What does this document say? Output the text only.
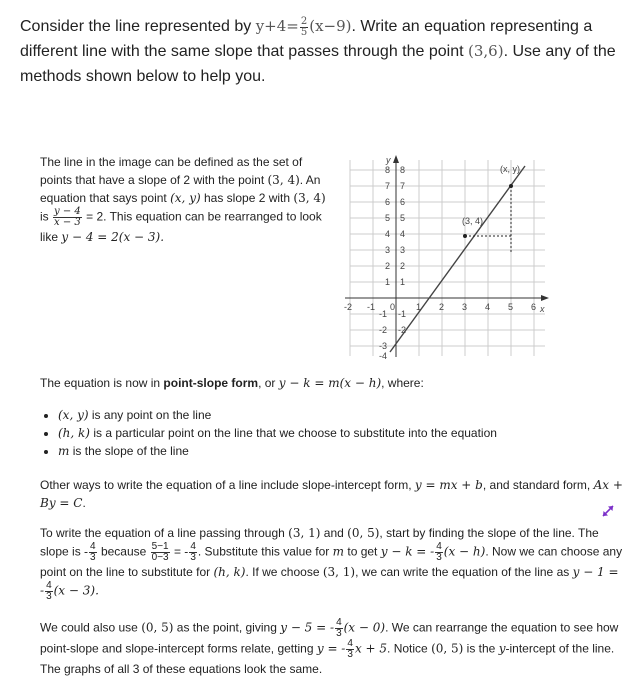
Consider the line represented by $y+4= \frac{2}{5} (x-9)$. Write an equation representing a different line with the same slope that passes through the point (3,6). Use any of the methods shown below to help you.
The line in the image can be defined as the set of points that have a slope of 2 with the point (3, 4). An equation that says point (x, y) has slope 2 with (3, 4) is $\frac{y - 4}{x - 3} = 2$. This equation can be rearranged to look like y − 4 = 2(x − 3).
y
x
(x, y)
(3, 4)
8
7
6
5
4
3
2
1
-1
-2
8
7
6
5
4
3
2
1
-1
-2
-3
-4
-2 -1 0 1 2 3 4 5 6
The equation is now in point-slope form, or y − k = m(x − h), where:
• (x, y) is any point on the line
• (h, k) is a particular point on the line that we choose to substitute into the equation
• m is the slope of the line
Other ways to write the equation of a line include slope-intercept form, y = mx + b, and standard form, Ax + By = C.
To write the equation of a line passing through (3, 1) and (0, 5), start by finding the slope of the line. The slope is - $\frac{4}{3}$ because $\frac{5-1}{0-3}$ = - $\frac{4}{3}$ . Substitute this value for m to get y − k = - $\frac{4}{3} (x - h)$. Now we can choose any point on the line to substitute for (h, k). If we choose (3, 1), we can write the equation of the line as y − 1 = - $\frac{4}{3} (x - 3)$.
We could also use (0, 5) as the point, giving y − 5 = - $\frac{4}{3} (x - 0)$. We can rearrange the equation to see how point-slope and slope-intercept forms relate, getting y = - $\frac{4}{3}$ x + 5. Notice (0, 5) is the y-intercept of the line. The graphs of all 3 of these equations look the same.
